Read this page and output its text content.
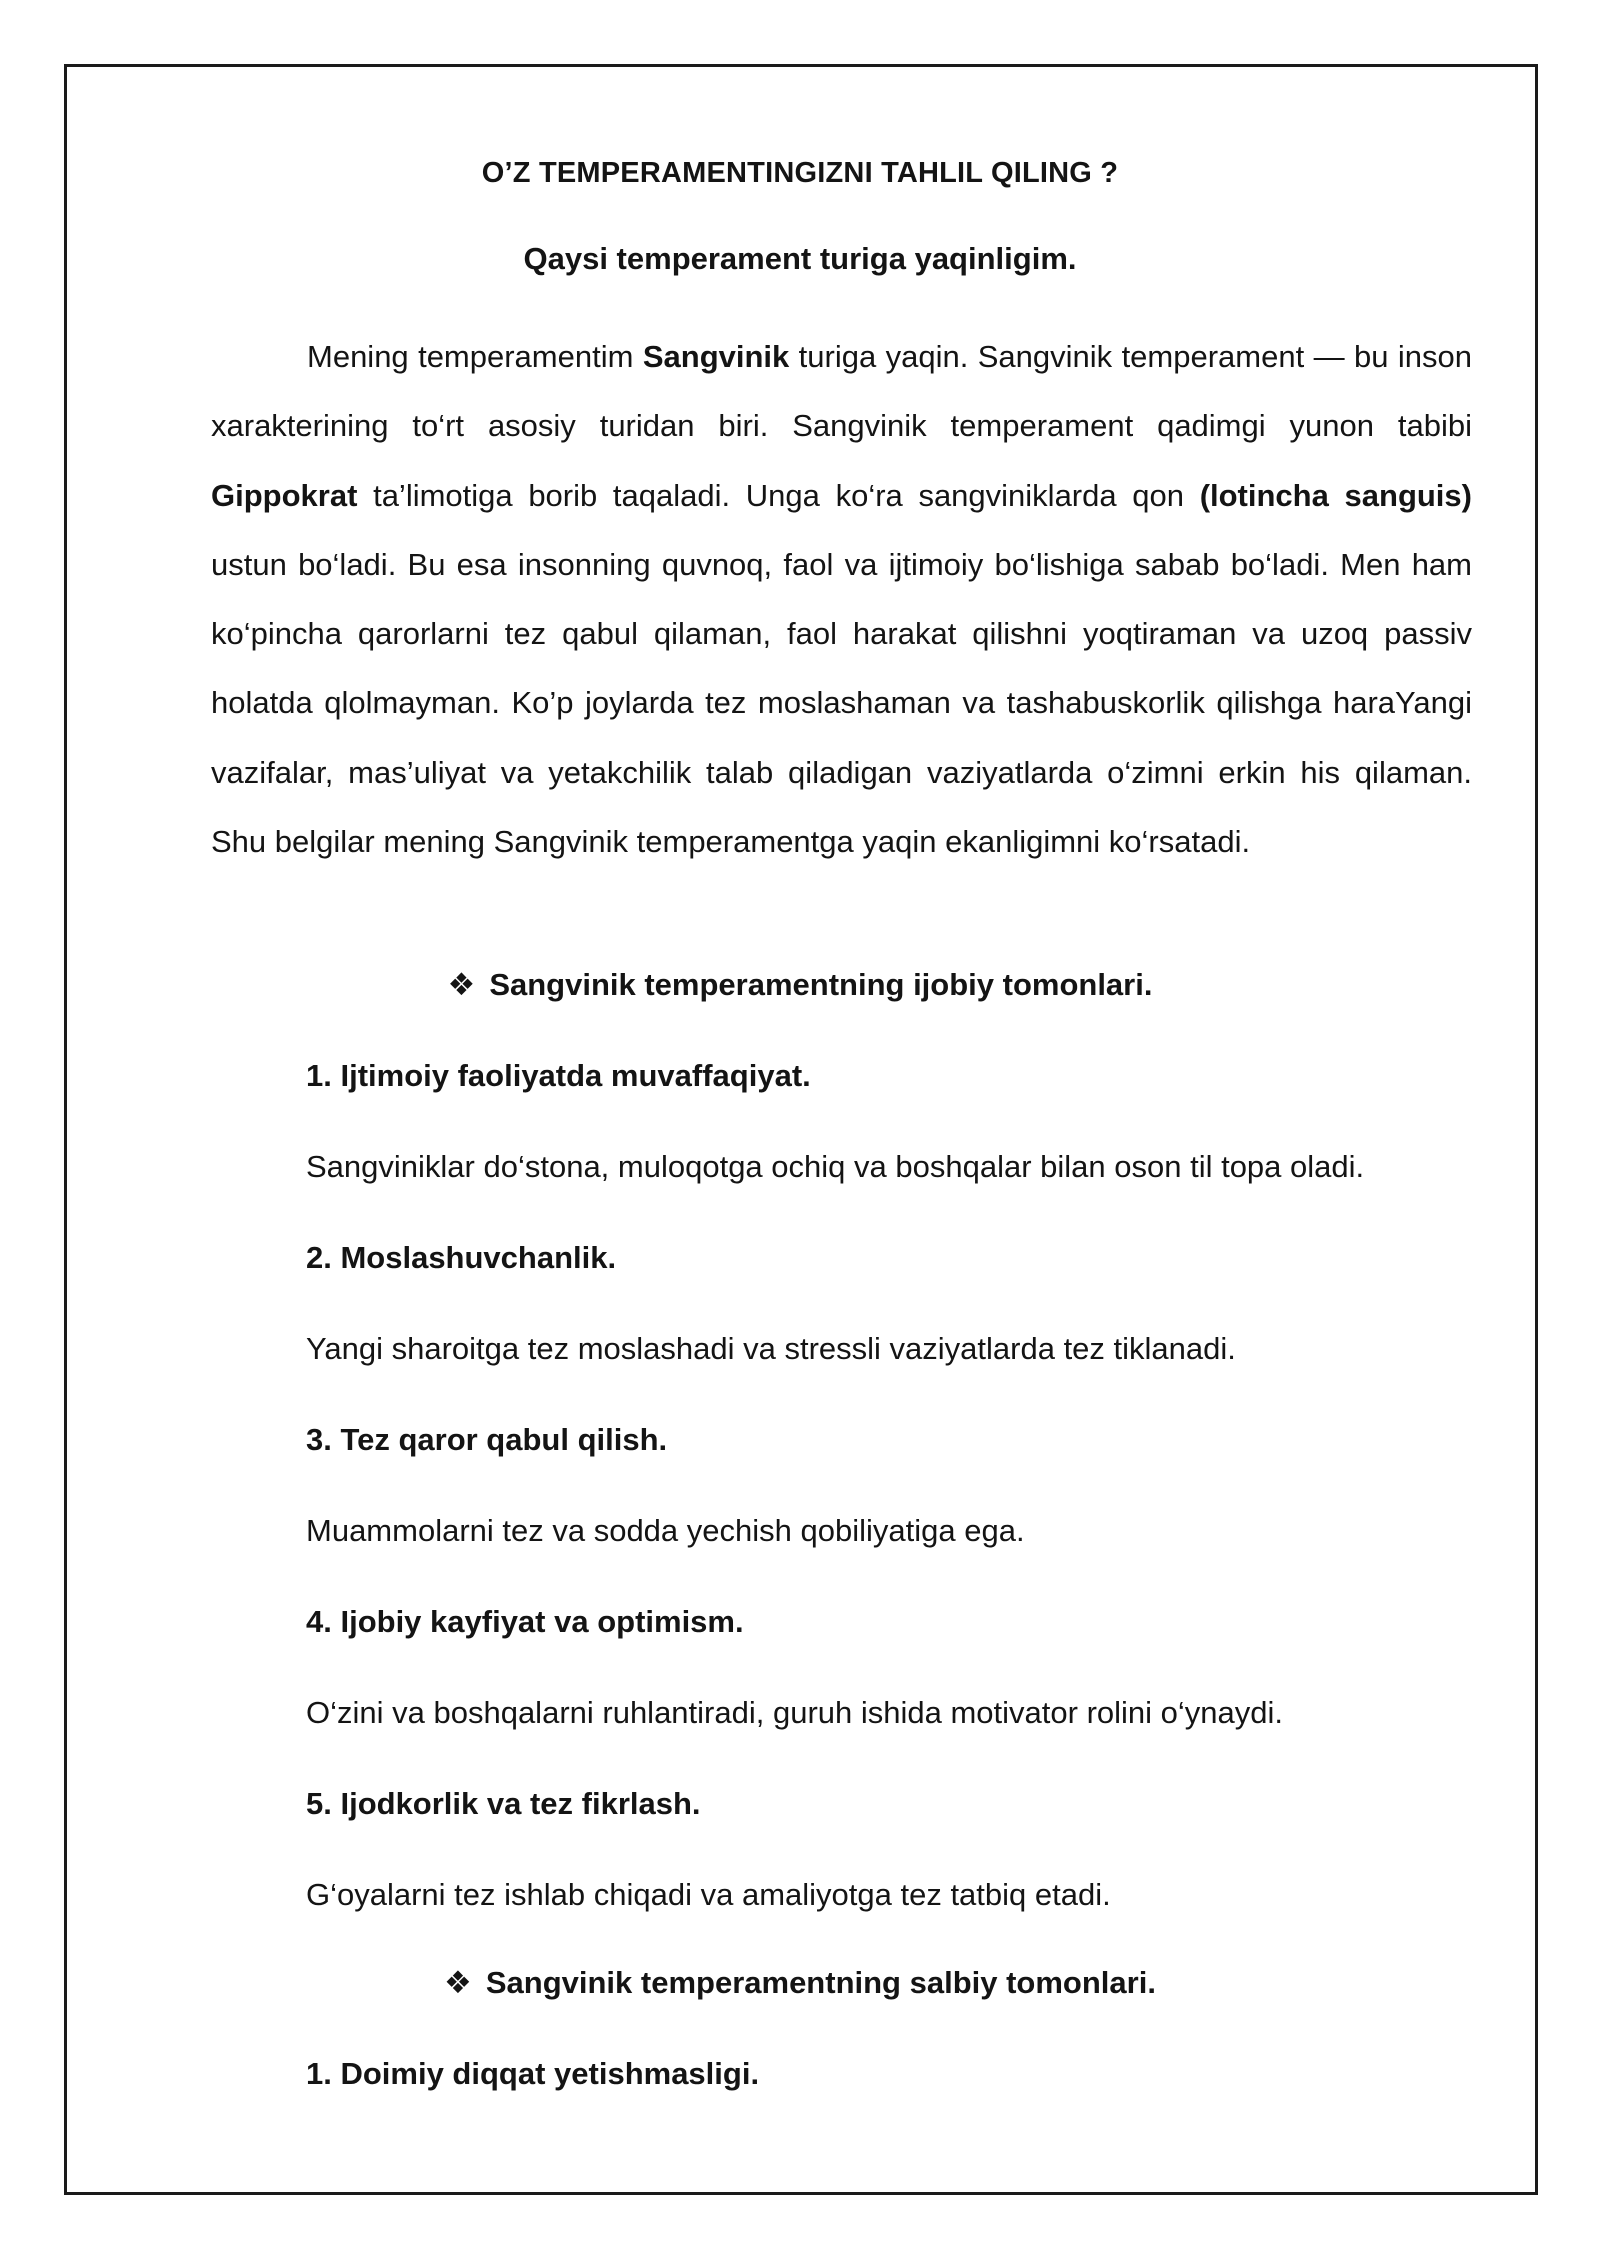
O’Z TEMPERAMENTINGIZNI TAHLIL QILING ?
Qaysi temperament turiga yaqinligim.

Mening temperamentim Sangvinik turiga yaqin. Sangvinik temperament — bu inson xarakterining to‘rt asosiy turidan biri. Sangvinik temperament qadimgi yunon tabibi Gippokrat ta’limotiga borib taqaladi. Unga ko‘ra sangviniklarda qon (lotincha sanguis) ustun bo‘ladi. Bu esa insonning quvnoq, faol va ijtimoiy bo‘lishiga sabab bo‘ladi. Men ham ko‘pincha qarorlarni tez qabul qilaman, faol harakat qilishni yoqtiraman va uzoq passiv holatda qlolmayman. Ko’p joylarda tez moslashaman va tashabuskorlik qilishga haraYangi vazifalar, mas’uliyat va yetakchilik talab qiladigan vaziyatlarda o‘zimni erkin his qilaman. Shu belgilar mening Sangvinik temperamentga yaqin ekanligimni ko‘rsatadi.

❖ Sangvinik temperamentning ijobiy tomonlari.
1. Ijtimoiy faoliyatda muvaffaqiyat.
Sangviniklar do‘stona, muloqotga ochiq va boshqalar bilan oson til topa oladi.
2. Moslashuvchanlik.
Yangi sharoitga tez moslashadi va stressli vaziyatlarda tez tiklanadi.
3. Tez qaror qabul qilish.
Muammolarni tez va sodda yechish qobiliyatiga ega.
4. Ijobiy kayfiyat va optimism.
O‘zini va boshqalarni ruhlantiradi, guruh ishida motivator rolini o‘ynaydi.
5. Ijodkorlik va tez fikrlash.
G‘oyalarni tez ishlab chiqadi va amaliyotga tez tatbiq etadi.
❖ Sangvinik temperamentning salbiy tomonlari.
1. Doimiy diqqat yetishmasligi.
